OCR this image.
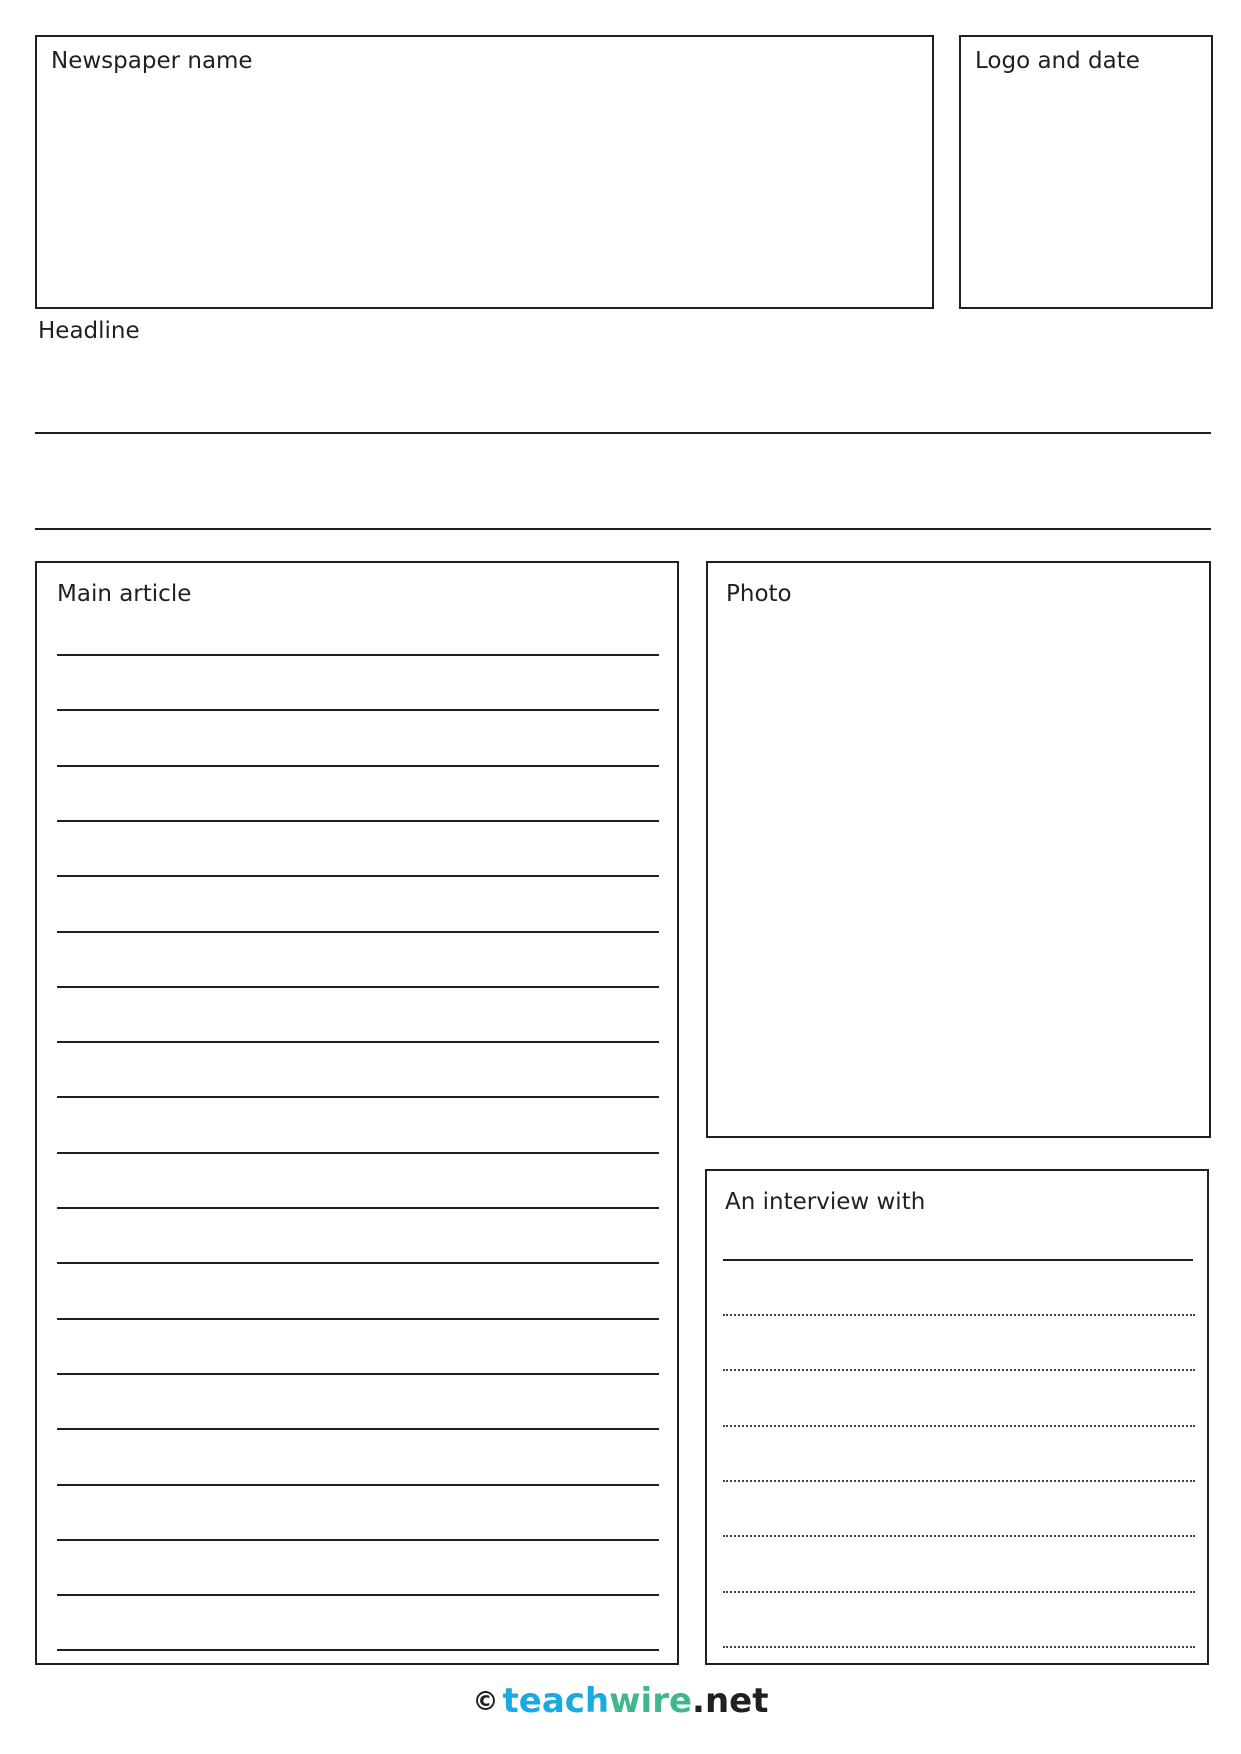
Newspaper name	Logo and date
Headline
Main article	Photo
An interview with
© teachwire.net
